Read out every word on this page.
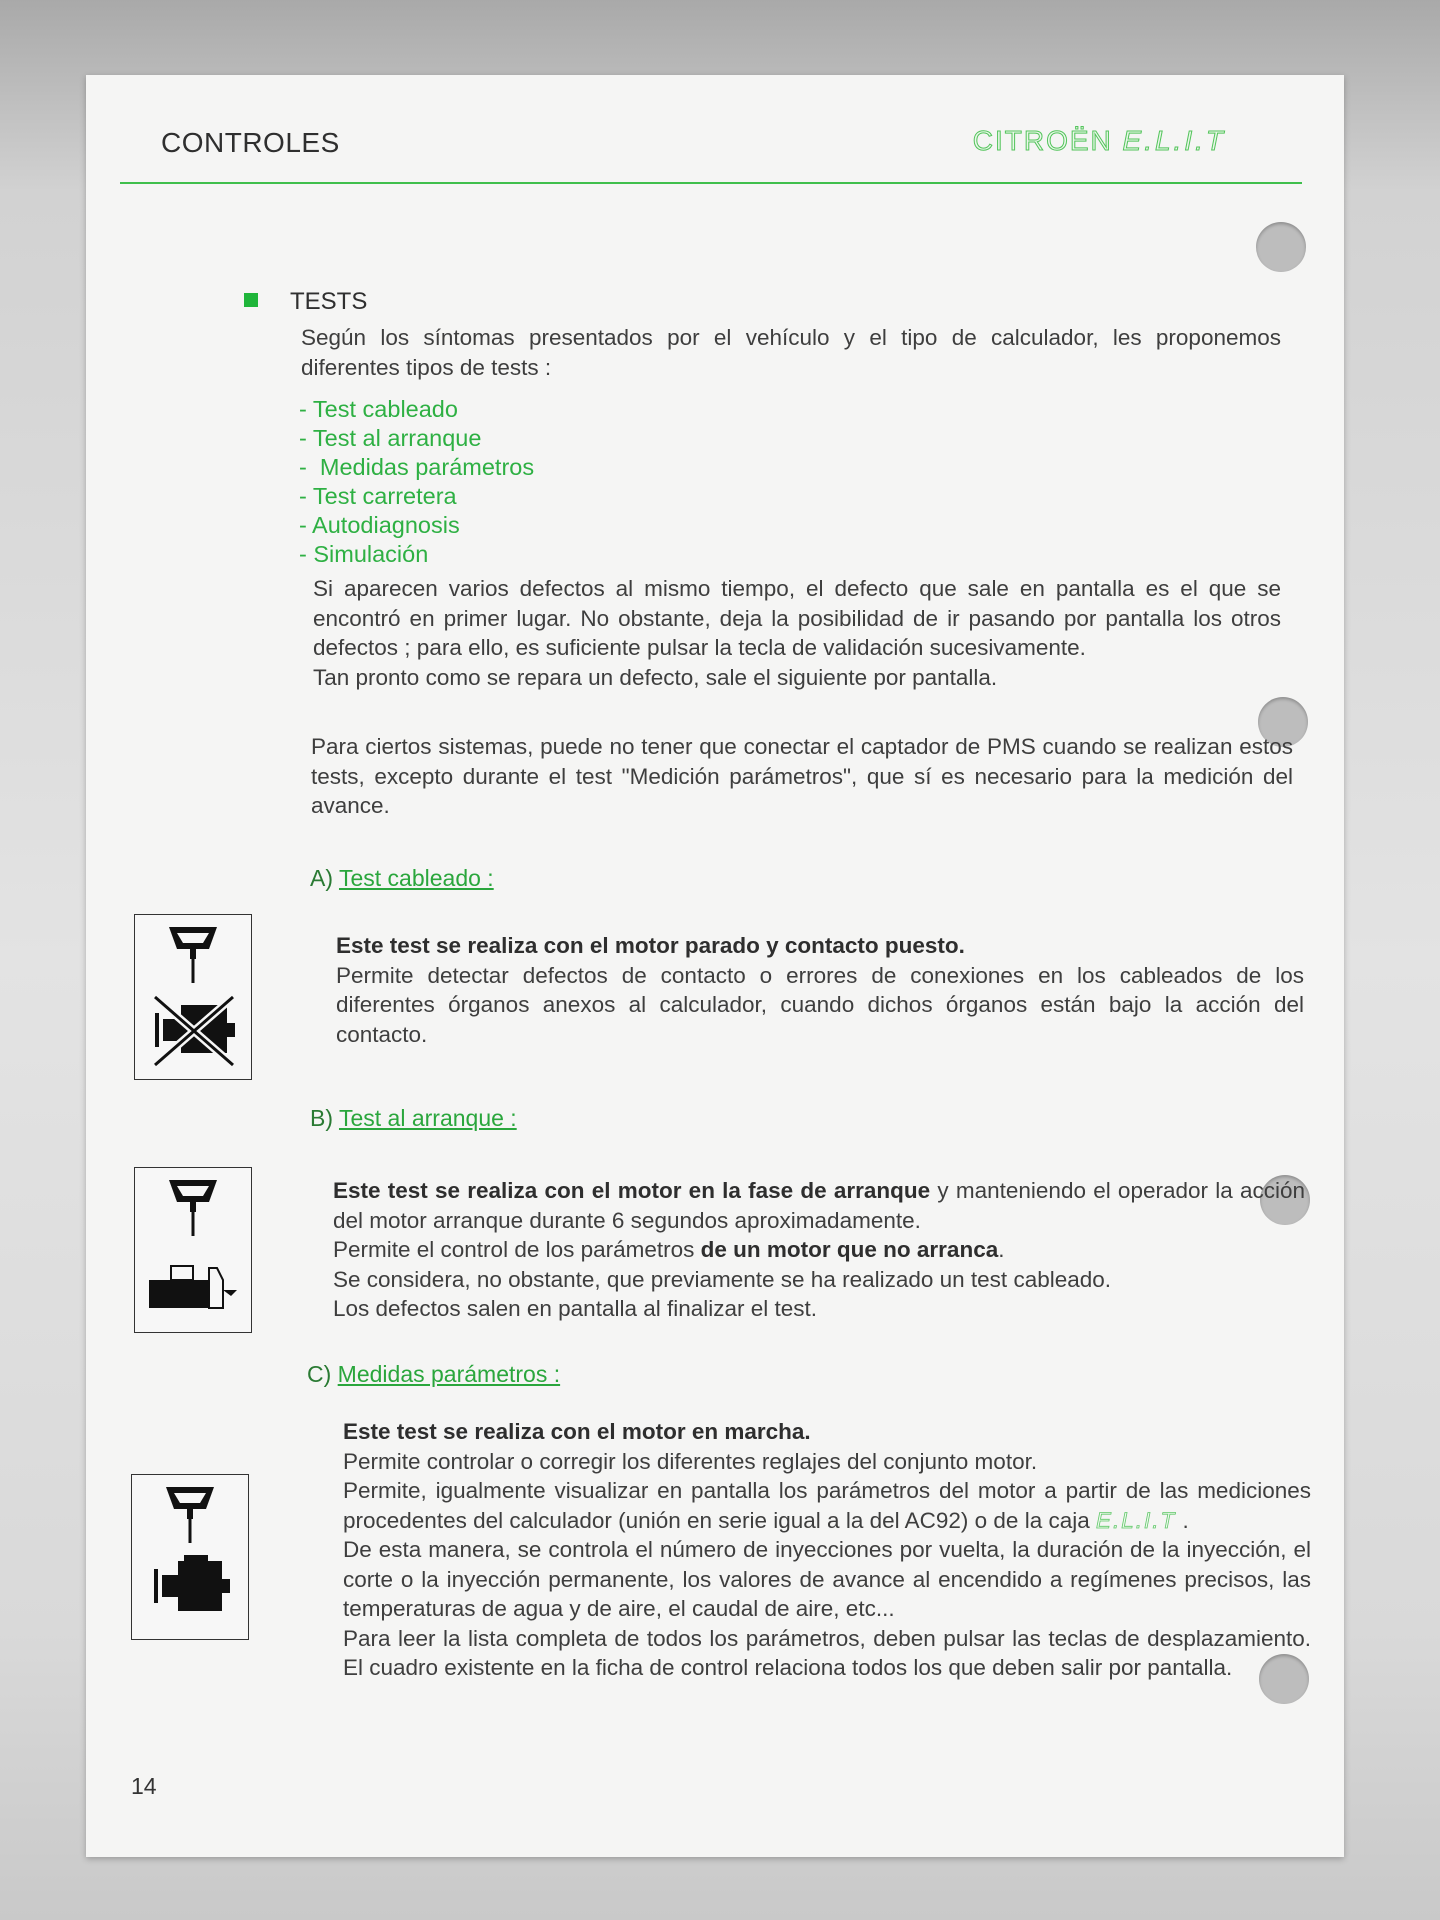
CONTROLES	CITROËN E.L.I.T
TESTS
Según los síntomas presentados por el vehículo y el tipo de calculador, les proponemos diferentes tipos de tests :
- Test cableado
- Test al arranque
-  Medidas parámetros
- Test carretera
- Autodiagnosis
- Simulación
Si aparecen varios defectos al mismo tiempo, el defecto que sale en pantalla es el que se encontró en primer lugar. No obstante, deja la posibilidad de ir pasando por pantalla los otros defectos ; para ello, es suficiente pulsar la tecla de validación sucesivamente.
Tan pronto como se repara un defecto, sale el siguiente por pantalla.
Para ciertos sistemas, puede no tener que conectar el captador de PMS cuando se realizan estos tests, excepto durante el test "Medición parámetros", que sí es necesario para la medición del avance.
A) Test cableado :
Este test se realiza con el motor parado y contacto puesto.
Permite detectar defectos de contacto o errores de conexiones en los cableados de los diferentes órganos anexos al calculador, cuando dichos órganos están bajo la acción del contacto.
B) Test al arranque :
Este test se realiza con el motor en la fase de arranque y manteniendo el operador la acción del motor arranque durante 6 segundos aproximadamente.
Permite el control de los parámetros de un motor que no arranca.
Se considera, no obstante, que previamente se ha realizado un test cableado.
Los defectos salen en pantalla al finalizar el test.
C) Medidas parámetros :
Este test se realiza con el motor en marcha.
Permite controlar o corregir los diferentes reglajes del conjunto motor.
Permite, igualmente visualizar en pantalla los parámetros del motor a partir de las mediciones procedentes del calculador (unión en serie igual a la del AC92) o de la caja E.L.I.T .
De esta manera, se controla el número de inyecciones por vuelta, la duración de la inyección, el corte o la inyección permanente, los valores de avance al encendido a regímenes precisos, las temperaturas de agua y de aire, el caudal de aire, etc...
Para leer la lista completa de todos los parámetros, deben pulsar las teclas de desplazamiento. El cuadro existente en la ficha de control relaciona todos los que deben salir por pantalla.
14
